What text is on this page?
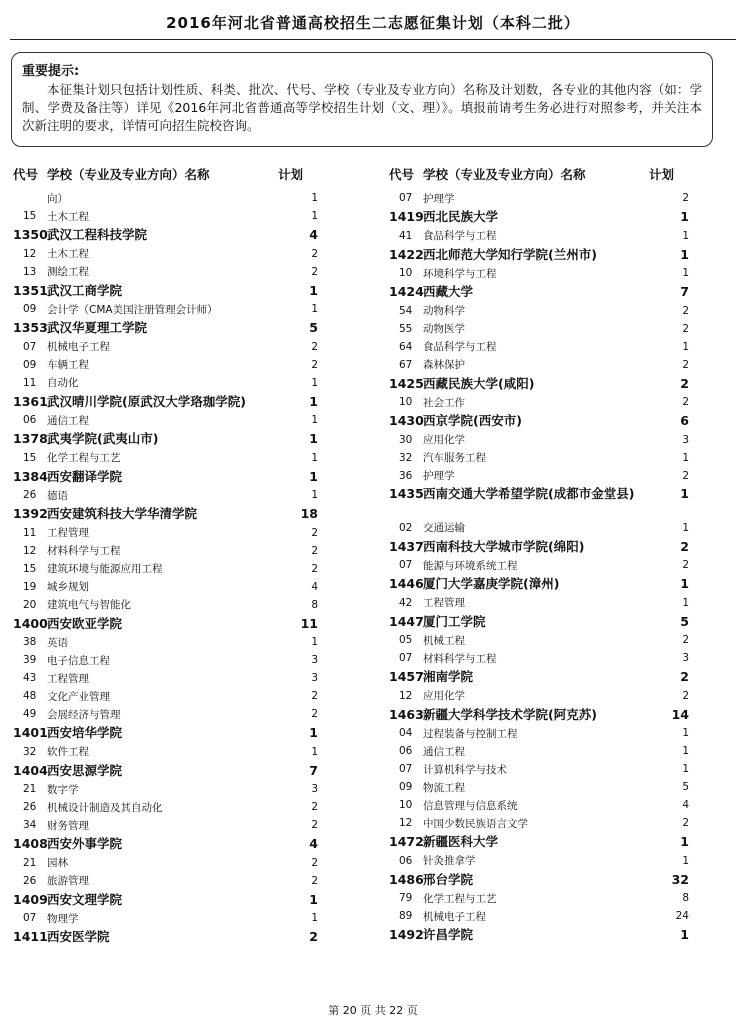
2016年河北省普通高校招生二志愿征集计划（本科二批）
重要提示:
本征集计划只包括计划性质、科类、批次、代号、学校（专业及专业方向）名称及计划数，各专业的其他内容（如：学制、学费及备注等）详见《2016年河北省普通高等学校招生计划（文、理）》。填报前请考生务必进行对照参考，并关注本次新注明的要求，详情可向招生院校咨询。
代号 学校（专业及专业方向）名称	计划
向）	1
15	土木工程	1
1350 武汉工程科技学院	4
12	土木工程	2
13	测绘工程	2
1351 武汉工商学院	1
09	会计学（CMA美国注册管理会计师）	1
1353 武汉华夏理工学院	5
07	机械电子工程	2
09	车辆工程	2
11	自动化	1
1361 武汉晴川学院(原武汉大学珞珈学院)	1
06	通信工程	1
1378 武夷学院(武夷山市)	1
15	化学工程与工艺	1
1384 西安翻译学院	1
26	德语	1
1392 西安建筑科技大学华清学院	18
11	工程管理	2
12	材料科学与工程	2
15	建筑环境与能源应用工程	2
19	城乡规划	4
20	建筑电气与智能化	8
1400 西安欧亚学院	11
38	英语	1
39	电子信息工程	3
43	工程管理	3
48	文化产业管理	2
49	会展经济与管理	2
1401 西安培华学院	1
32	软件工程	1
1404 西安思源学院	7
21	数字学	3
26	机械设计制造及其自动化	2
34	财务管理	2
1408 西安外事学院	4
21	园林	2
26	旅游管理	2
1409 西安文理学院	1
07	物理学	1
1411 西安医学院	2
代号 学校（专业及专业方向）名称	计划
07	护理学	2
1419 西北民族大学	1
41	食品科学与工程	1
1422 西北师范大学知行学院(兰州市)	1
10	环境科学与工程	1
1424 西藏大学	7
54	动物科学	2
55	动物医学	2
64	食品科学与工程	1
67	森林保护	2
1425 西藏民族大学(咸阳)	2
10	社会工作	2
1430 西京学院(西安市)	6
30	应用化学	3
32	汽车服务工程	1
36	护理学	2
1435 西南交通大学希望学院(成都市金堂县)	1
02	交通运输	1
1437 西南科技大学城市学院(绵阳)	2
07	能源与环境系统工程	2
1446 厦门大学嘉庚学院(漳州)	1
42	工程管理	1
1447 厦门工学院	5
05	机械工程	2
07	材料科学与工程	3
1457 湘南学院	2
12	应用化学	2
1463 新疆大学科学技术学院(阿克苏)	14
04	过程装备与控制工程	1
06	通信工程	1
07	计算机科学与技术	1
09	物流工程	5
10	信息管理与信息系统	4
12	中国少数民族语言文学	2
1472 新疆医科大学	1
06	针灸推拿学	1
1486 邢台学院	32
79	化学工程与工艺	8
89	机械电子工程	24
1492 许昌学院	1
第 20 页 共 22 页
